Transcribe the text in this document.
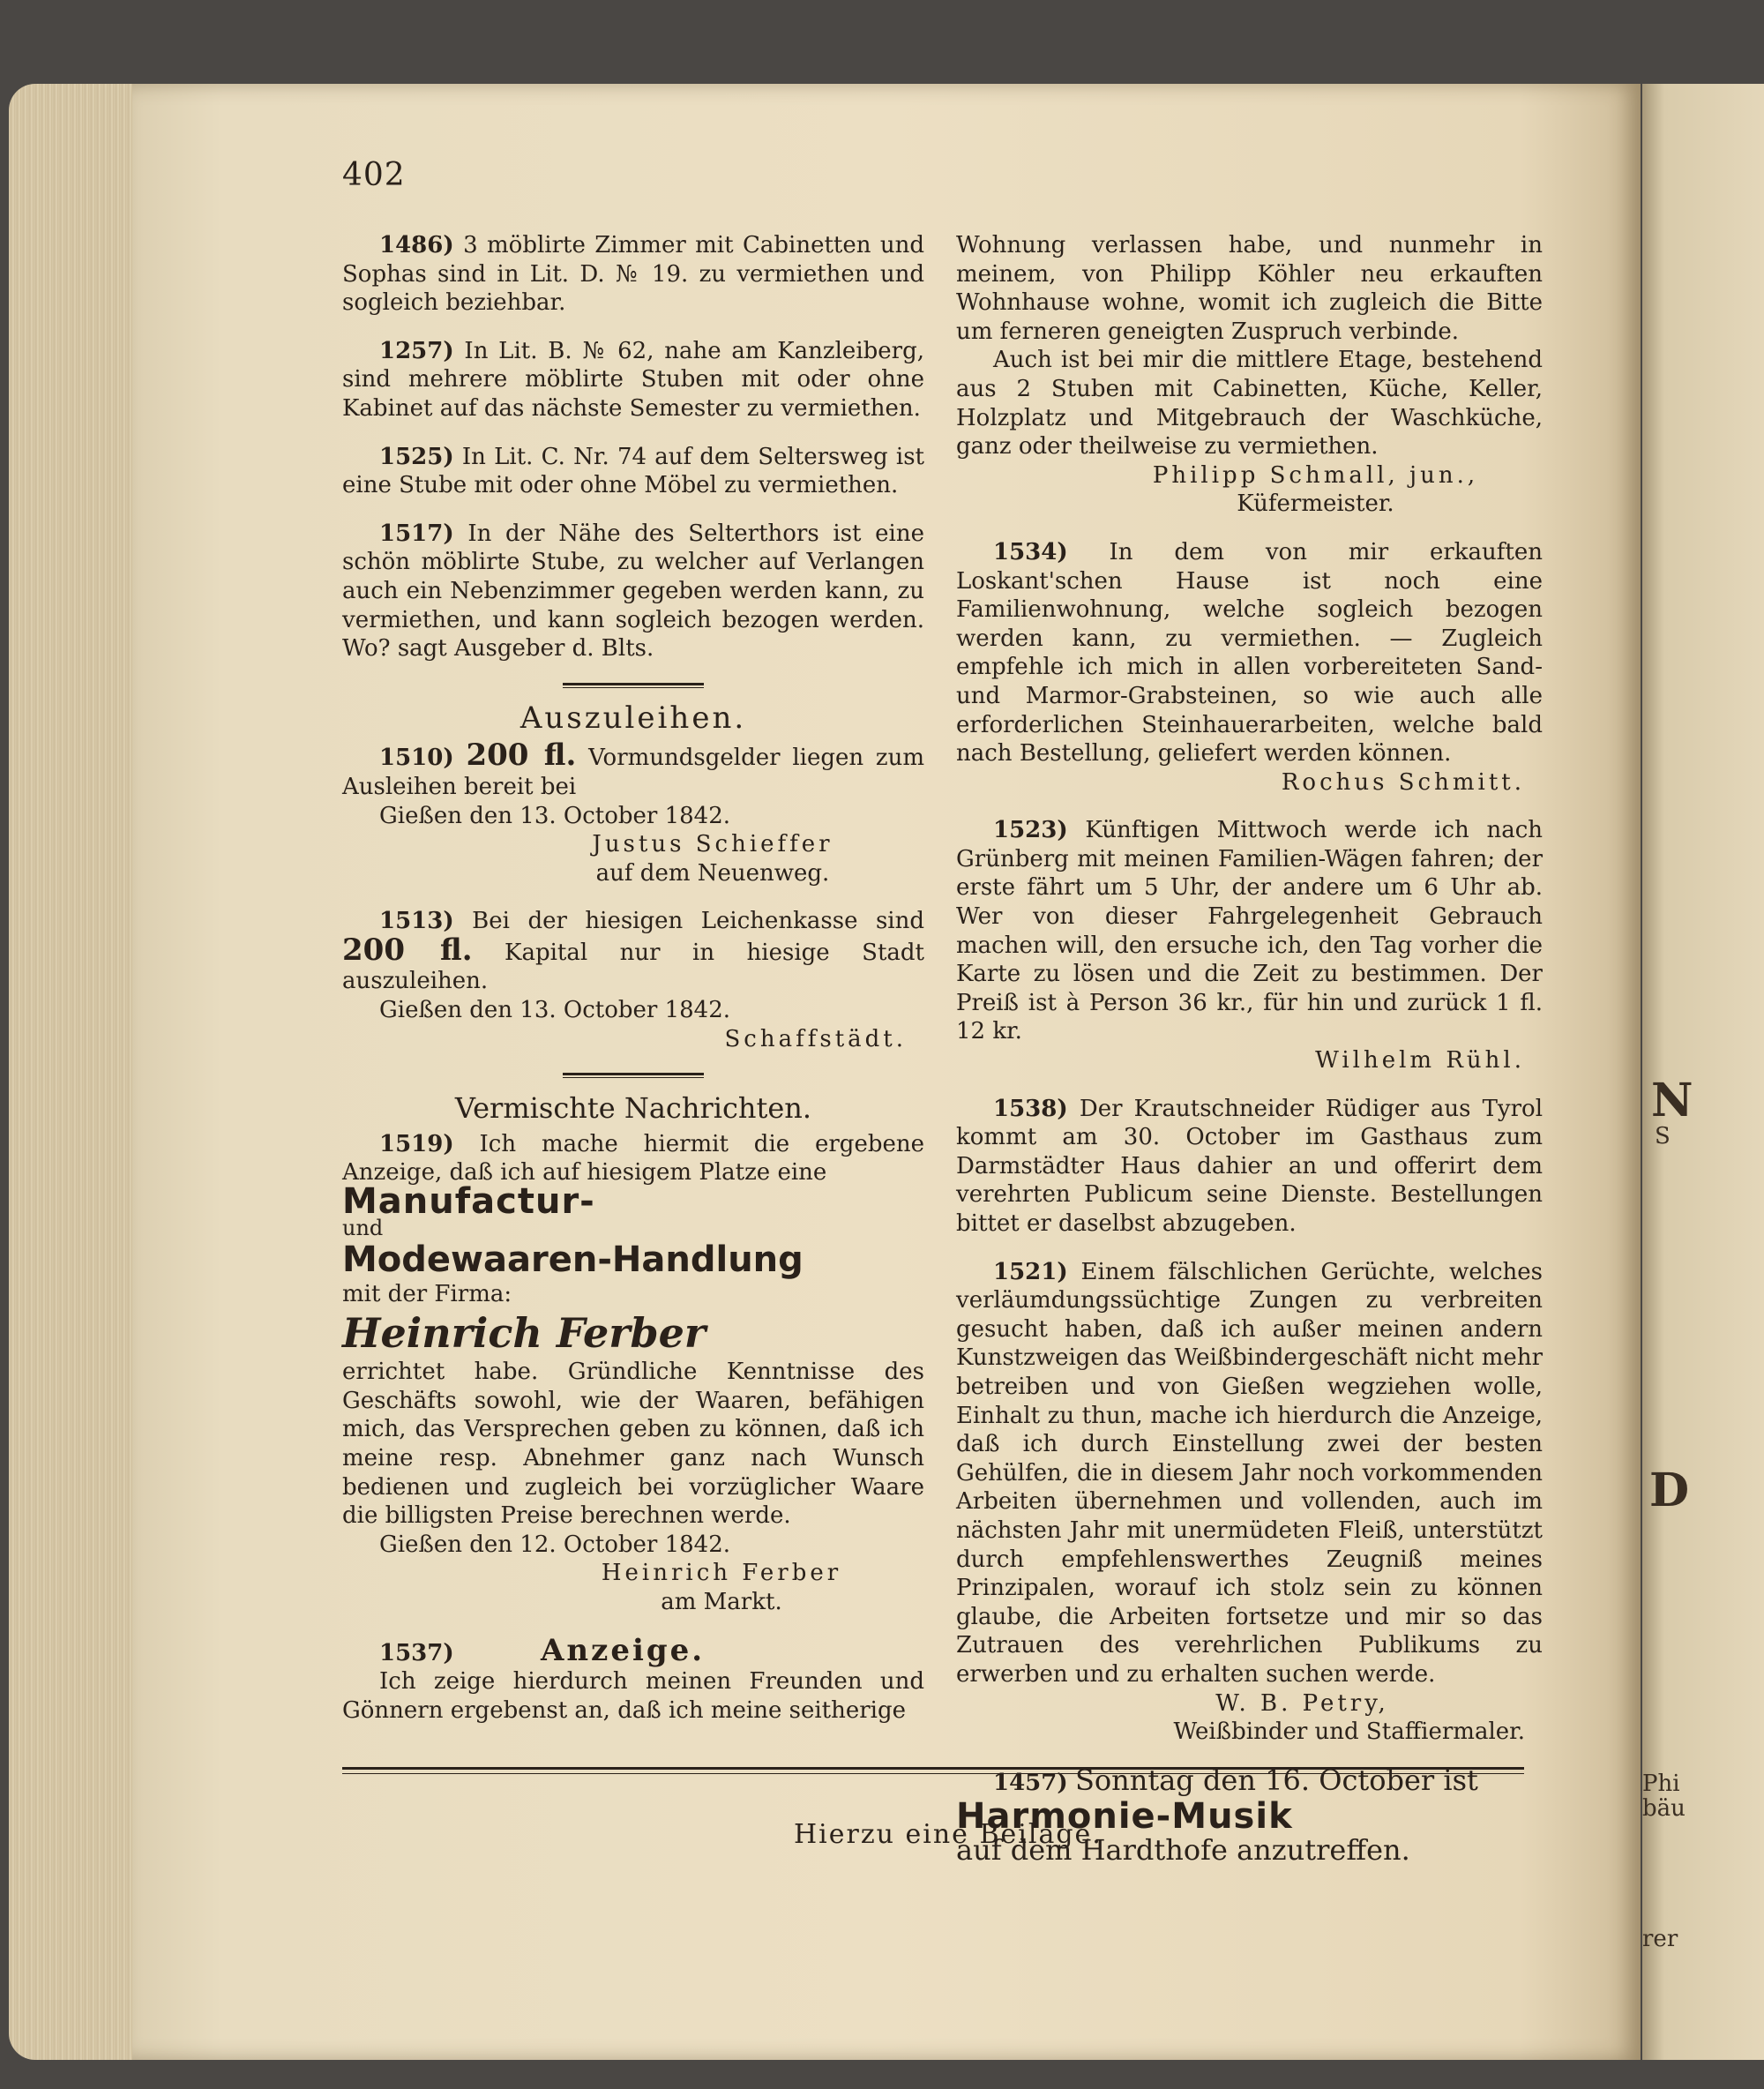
N
S
D
Phi
bäu
rer
402

1486) 3 möblirte Zimmer mit Cabinetten und Sophas sind in Lit. D. № 19. zu vermiethen und sogleich beziehbar.

1257) In Lit. B. № 62, nahe am Kanzleiberg, sind mehrere möblirte Stuben mit oder ohne Kabinet auf das nächste Semester zu vermiethen.

1525) In Lit. C. Nr. 74 auf dem Seltersweg ist eine Stube mit oder ohne Möbel zu vermiethen.

1517) In der Nähe des Selterthors ist eine schön möblirte Stube, zu welcher auf Verlangen auch ein Nebenzimmer gegeben werden kann, zu vermiethen, und kann sogleich bezogen werden. Wo? sagt Ausgeber d. Blts.

Auszuleihen.

1510) 200 fl. Vormundsgelder liegen zum Ausleihen bereit bei

Gießen den 13. October 1842.

Justus Schieffer

auf dem Neuenweg.

1513) Bei der hiesigen Leichenkasse sind 200 fl. Kapital nur in hiesige Stadt auszuleihen.

Gießen den 13. October 1842.

Schaffstädt.

Vermischte Nachrichten.

1519) Ich mache hiermit die ergebene Anzeige, daß ich auf hiesigem Platze eine

Manufactur-

und

Modewaaren-Handlung

mit der Firma:

Heinrich Ferber

errichtet habe. Gründliche Kenntnisse des Geschäfts sowohl, wie der Waaren, befähigen mich, das Versprechen geben zu können, daß ich meine resp. Abnehmer ganz nach Wunsch bedienen und zugleich bei vorzüglicher Waare die billigsten Preise berechnen werde.

Gießen den 12. October 1842.

Heinrich Ferber

am Markt.

1537)	Anzeige.

Ich zeige hierdurch meinen Freunden und Gönnern ergebenst an, daß ich meine seitherige

Wohnung verlassen habe, und nunmehr in meinem, von Philipp Köhler neu erkauften Wohnhause wohne, womit ich zugleich die Bitte um ferneren geneigten Zuspruch verbinde.

Auch ist bei mir die mittlere Etage, bestehend aus 2 Stuben mit Cabinetten, Küche, Keller, Holzplatz und Mitgebrauch der Waschküche, ganz oder theilweise zu vermiethen.

Philipp Schmall, jun.,

Küfermeister.

1534) In dem von mir erkauften Loskant'schen Hause ist noch eine Familienwohnung, welche sogleich bezogen werden kann, zu vermiethen. — Zugleich empfehle ich mich in allen vorbereiteten Sand- und Marmor-Grabsteinen, so wie auch alle erforderlichen Steinhauerarbeiten, welche bald nach Bestellung, geliefert werden können.

Rochus Schmitt.

1523) Künftigen Mittwoch werde ich nach Grünberg mit meinen Familien-Wägen fahren; der erste fährt um 5 Uhr, der andere um 6 Uhr ab. Wer von dieser Fahrgelegenheit Gebrauch machen will, den ersuche ich, den Tag vorher die Karte zu lösen und die Zeit zu bestimmen. Der Preiß ist à Person 36 kr., für hin und zurück 1 fl. 12 kr.

Wilhelm Rühl.

1538) Der Krautschneider Rüdiger aus Tyrol kommt am 30. October im Gasthaus zum Darmstädter Haus dahier an und offerirt dem verehrten Publicum seine Dienste. Bestellungen bittet er daselbst abzugeben.

1521) Einem fälschlichen Gerüchte, welches verläumdungssüchtige Zungen zu verbreiten gesucht haben, daß ich außer meinen andern Kunstzweigen das Weißbindergeschäft nicht mehr betreiben und von Gießen wegziehen wolle, Einhalt zu thun, mache ich hierdurch die Anzeige, daß ich durch Einstellung zwei der besten Gehülfen, die in diesem Jahr noch vorkommenden Arbeiten übernehmen und vollenden, auch im nächsten Jahr mit unermüdeten Fleiß, unterstützt durch empfehlenswerthes Zeugniß meines Prinzipalen, worauf ich stolz sein zu können glaube, die Arbeiten fortsetze und mir so das Zutrauen des verehrlichen Publikums zu erwerben und zu erhalten suchen werde.

W. B. Petry,

Weißbinder und Staffiermaler.

1457) Sonntag den 16. October ist

Harmonie-Musik

auf dem Hardthofe anzutreffen.

Hierzu eine Beilage.
